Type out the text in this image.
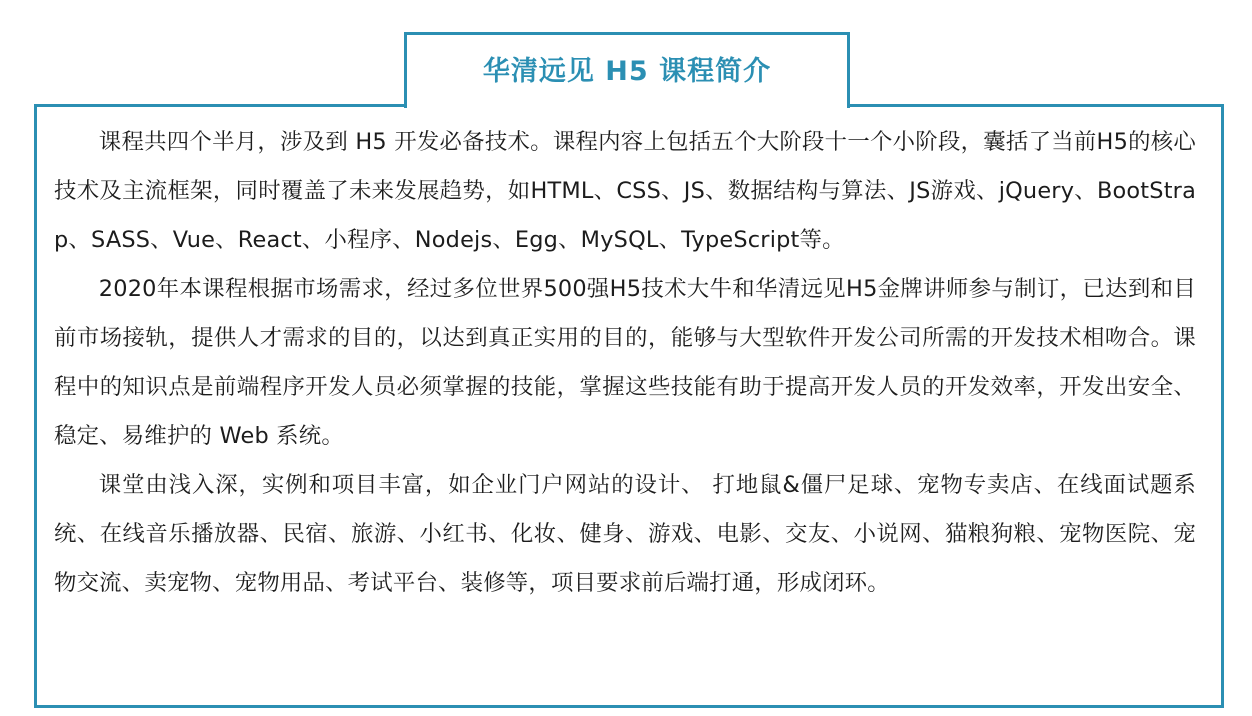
华清远见 H5 课程简介

课程共四个半月，涉及到 H5 开发必备技术。课程内容上包括五个大阶段十一个小阶段，囊括了当前H5的核心技术及主流框架，同时覆盖了未来发展趋势，如HTML、CSS、JS、数据结构与算法、JS游戏、jQuery、BootStrap、SASS、Vue、React、小程序、Nodejs、Egg、MySQL、TypeScript等。

2020年本课程根据市场需求，经过多位世界500强H5技术大牛和华清远见H5金牌讲师参与制订，已达到和目前市场接轨，提供人才需求的目的，以达到真正实用的目的，能够与大型软件开发公司所需的开发技术相吻合。课程中的知识点是前端程序开发人员必须掌握的技能，掌握这些技能有助于提高开发人员的开发效率，开发出安全、稳定、易维护的 Web 系统。

课堂由浅入深，实例和项目丰富，如企业门户网站的设计、 打地鼠&僵尸足球、宠物专卖店、在线面试题系统、在线音乐播放器、民宿、旅游、小红书、化妆、健身、游戏、电影、交友、小说网、猫粮狗粮、宠物医院、宠物交流、卖宠物、宠物用品、考试平台、装修等，项目要求前后端打通，形成闭环。
